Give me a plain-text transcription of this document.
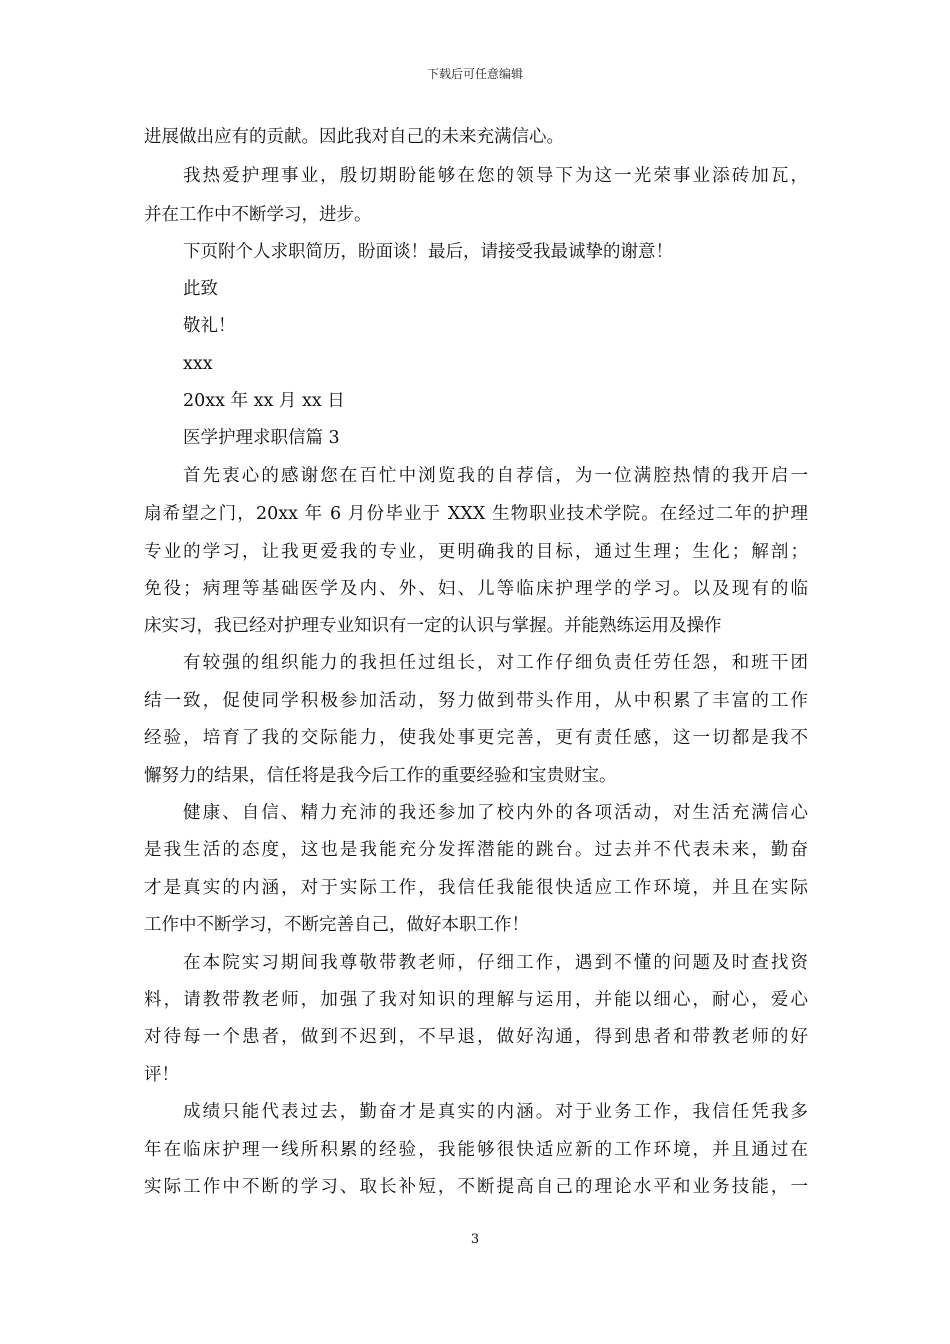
下载后可任意编辑
进展做出应有的贡献。因此我对自己的未来充满信心。
我热爱护理事业，殷切期盼能够在您的领导下为这一光荣事业添砖加瓦，
并在工作中不断学习，进步。
下页附个人求职简历，盼面谈！最后，请接受我最诚挚的谢意！
此致
敬礼！
xxx
20xx 年 xx 月 xx 日
医学护理求职信篇 3
首先衷心的感谢您在百忙中浏览我的自荐信，为一位满腔热情的我开启一
扇希望之门，20xx 年 6 月份毕业于 XXX 生物职业技术学院。在经过二年的护理
专业的学习，让我更爱我的专业，更明确我的目标，通过生理；生化；解剖；
免役；病理等基础医学及内、外、妇、儿等临床护理学的学习。以及现有的临
床实习，我已经对护理专业知识有一定的认识与掌握。并能熟练运用及操作
有较强的组织能力的我担任过组长，对工作仔细负责任劳任怨，和班干团
结一致，促使同学积极参加活动，努力做到带头作用，从中积累了丰富的工作
经验，培育了我的交际能力，使我处事更完善，更有责任感，这一切都是我不
懈努力的结果，信任将是我今后工作的重要经验和宝贵财宝。
健康、自信、精力充沛的我还参加了校内外的各项活动，对生活充满信心
是我生活的态度，这也是我能充分发挥潜能的跳台。过去并不代表未来，勤奋
才是真实的内涵，对于实际工作，我信任我能很快适应工作环境，并且在实际
工作中不断学习，不断完善自己，做好本职工作！
在本院实习期间我尊敬带教老师，仔细工作，遇到不懂的问题及时查找资
料，请教带教老师，加强了我对知识的理解与运用，并能以细心，耐心，爱心
对待每一个患者，做到不迟到，不早退，做好沟通，得到患者和带教老师的好
评！
成绩只能代表过去，勤奋才是真实的内涵。对于业务工作，我信任凭我多
年在临床护理一线所积累的经验，我能够很快适应新的工作环境，并且通过在
实际工作中不断的学习、取长补短，不断提高自己的理论水平和业务技能，一
3
